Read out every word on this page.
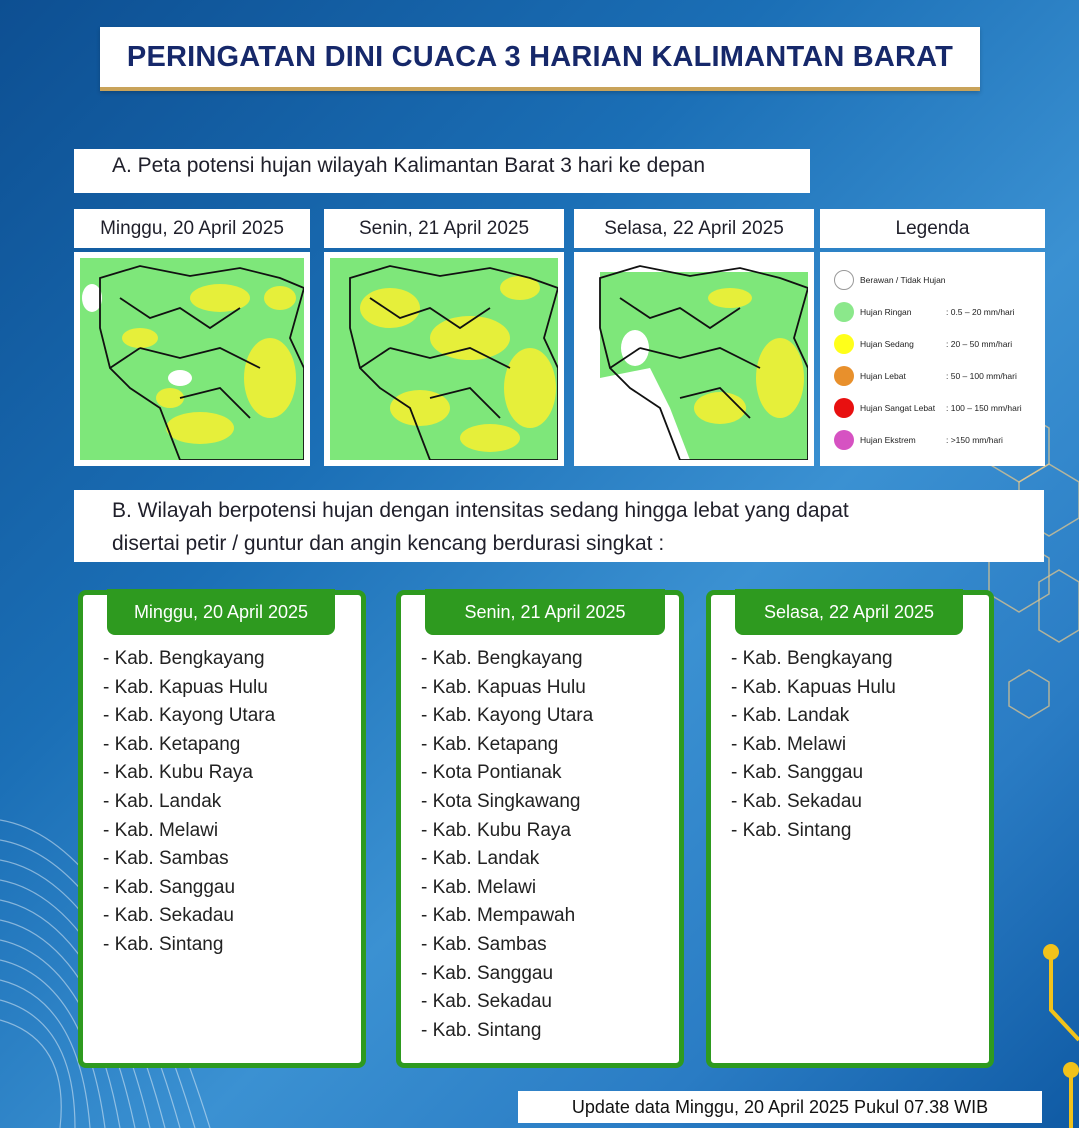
PERINGATAN DINI CUACA 3 HARIAN KALIMANTAN BARAT
A. Peta potensi hujan wilayah Kalimantan Barat 3 hari ke depan
Minggu, 20 April 2025	Senin, 21 April 2025	Selasa, 22 April 2025	Legenda
Berawan / Tidak Hujan
Hujan Ringan	: 0.5 – 20 mm/hari
Hujan Sedang	: 20 – 50 mm/hari
Hujan Lebat	: 50 – 100 mm/hari
Hujan Sangat Lebat	: 100 – 150 mm/hari
Hujan Ekstrem	: >150 mm/hari
B. Wilayah berpotensi hujan dengan intensitas sedang hingga lebat yang dapat
disertai petir / guntur dan angin kencang berdurasi singkat :
Minggu, 20 April 2025
- Kab. Bengkayang
- Kab. Kapuas Hulu
- Kab. Kayong Utara
- Kab. Ketapang
- Kab. Kubu Raya
- Kab. Landak
- Kab. Melawi
- Kab. Sambas
- Kab. Sanggau
- Kab. Sekadau
- Kab. Sintang
Senin, 21 April 2025
- Kab. Bengkayang
- Kab. Kapuas Hulu
- Kab. Kayong Utara
- Kab. Ketapang
- Kota Pontianak
- Kota Singkawang
- Kab. Kubu Raya
- Kab. Landak
- Kab. Melawi
- Kab. Mempawah
- Kab. Sambas
- Kab. Sanggau
- Kab. Sekadau
- Kab. Sintang
Selasa, 22 April 2025
- Kab. Bengkayang
- Kab. Kapuas Hulu
- Kab. Landak
- Kab. Melawi
- Kab. Sanggau
- Kab. Sekadau
- Kab. Sintang
Update data Minggu, 20 April 2025 Pukul 07.38 WIB
